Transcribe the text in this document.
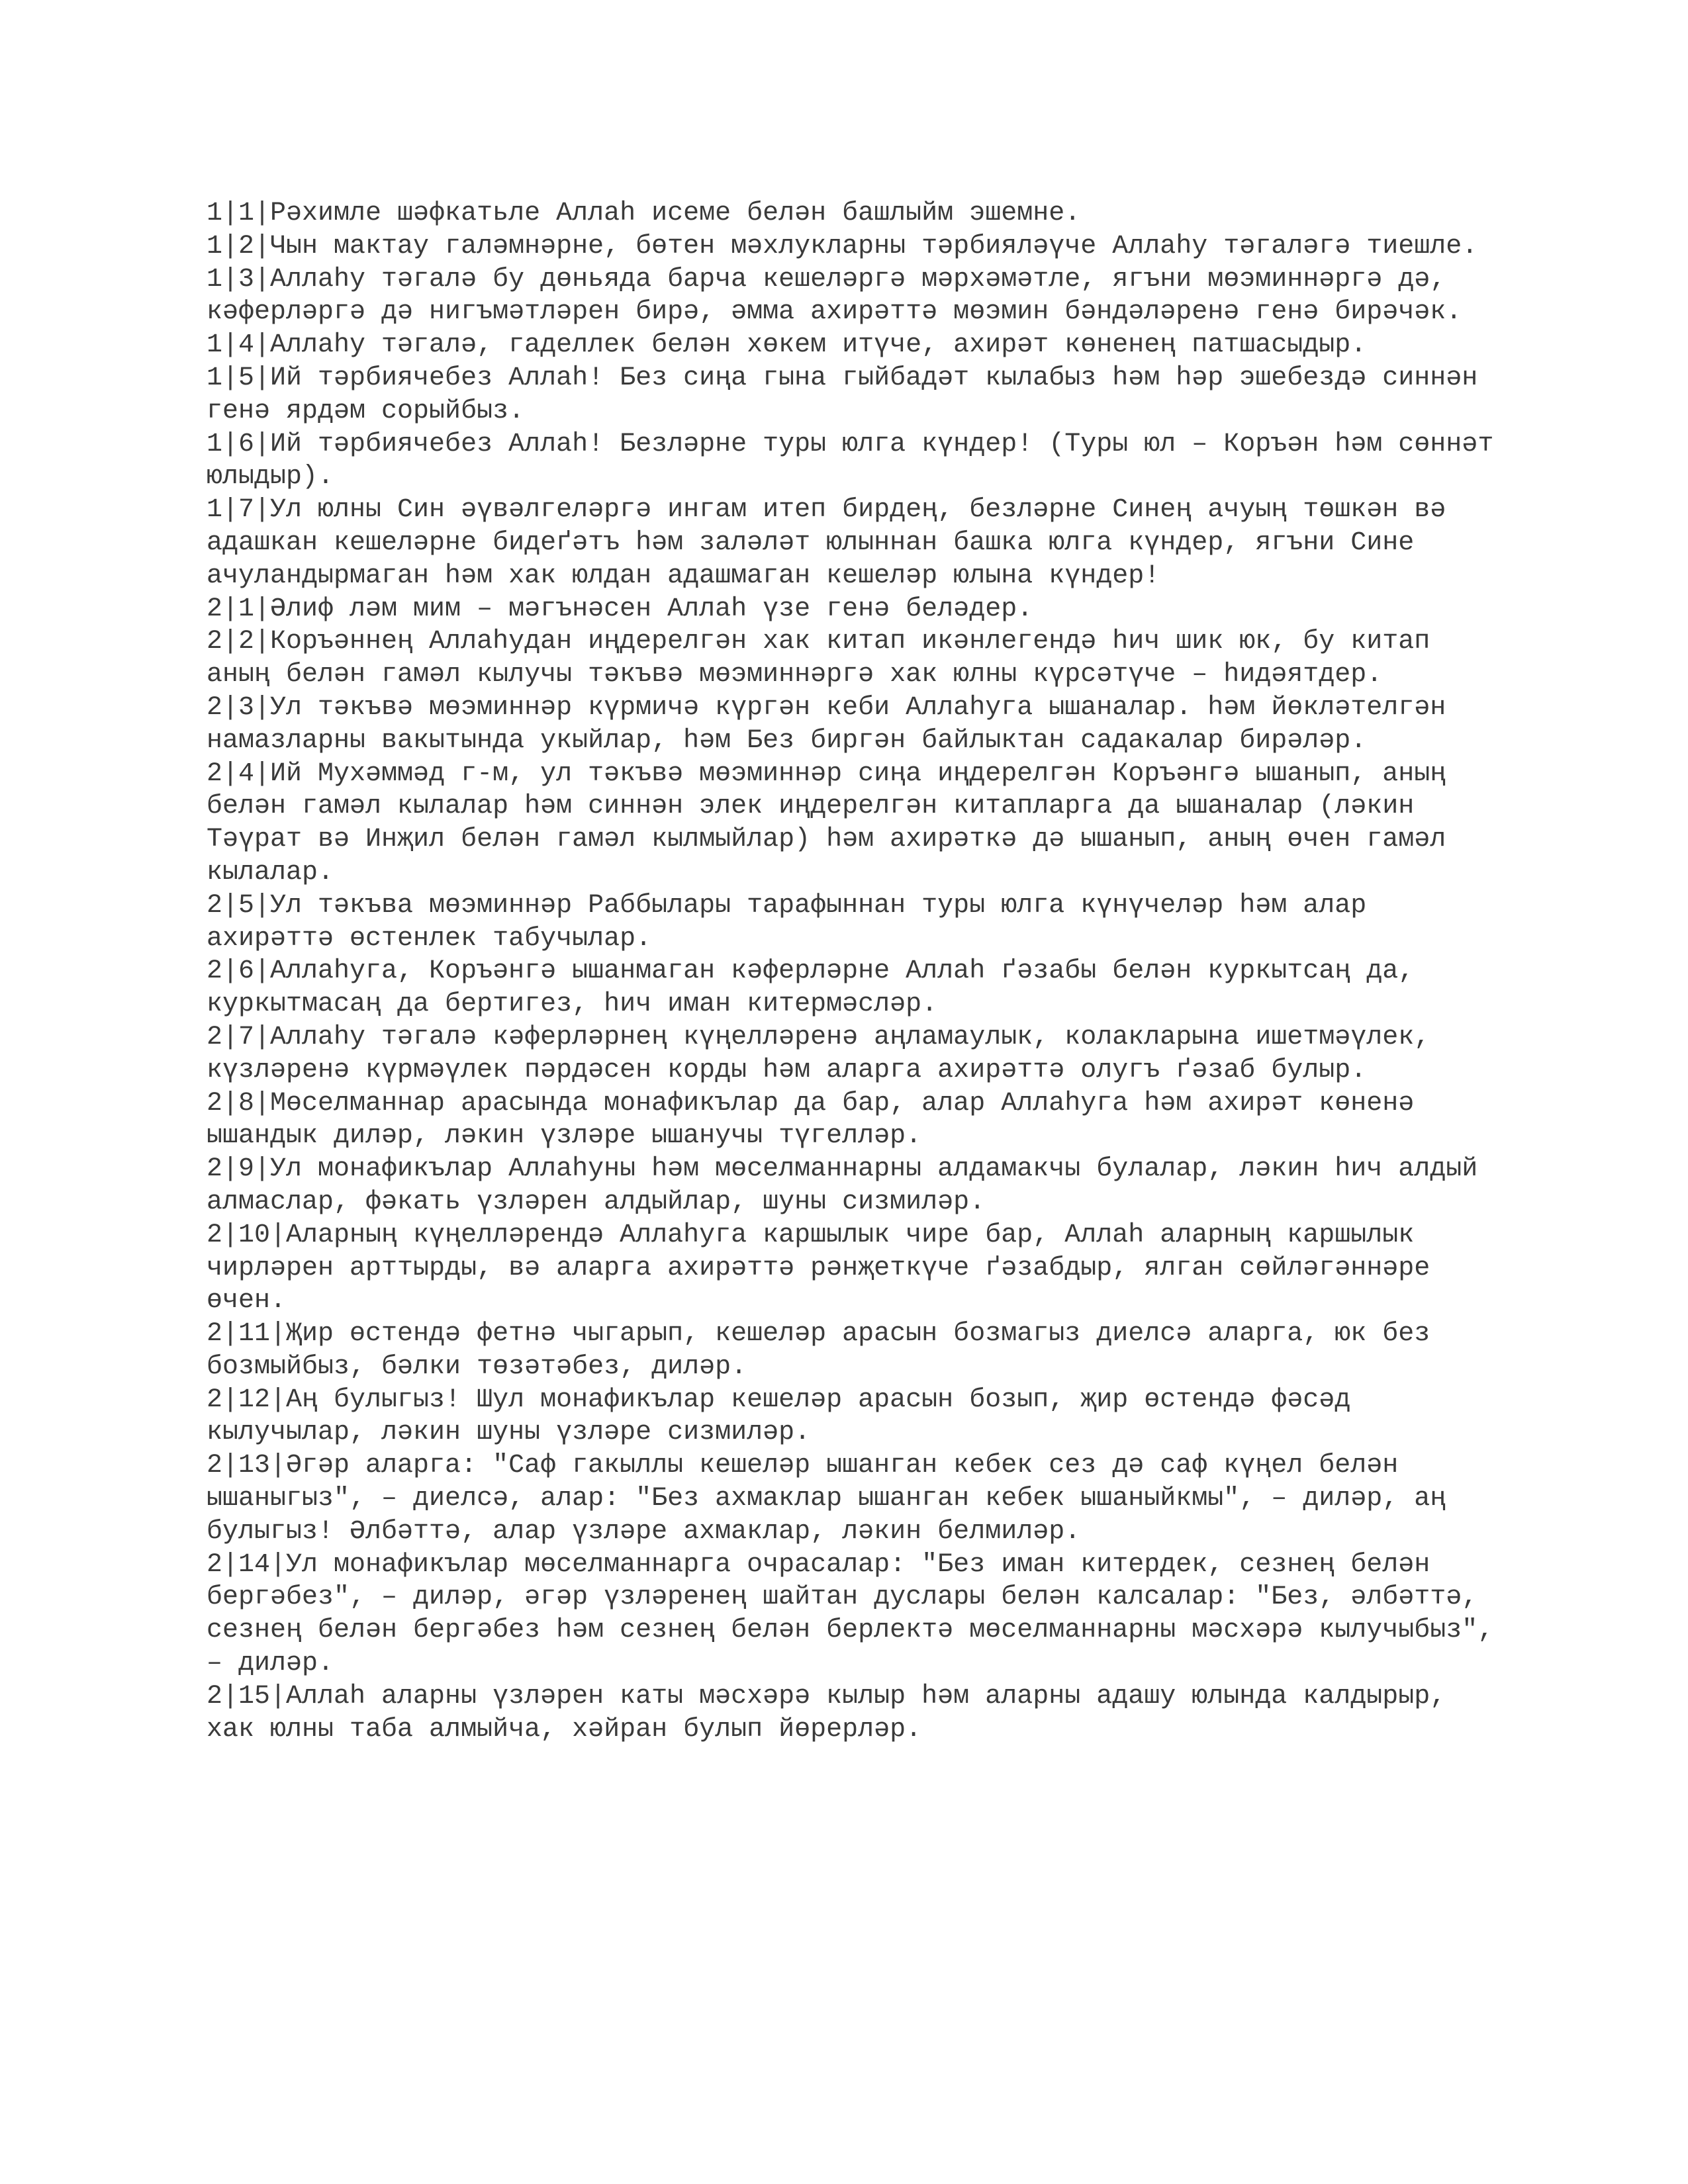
1|1|Рәхимле шәфкатьле Аллаһ исеме белән башлыйм эшемне.

1|2|Чын мактау галәмнәрне, бөтен мәхлукларны тәрбияләүче Аллаһу тәгаләгә тиешле.

1|3|Аллаһу тәгалә бу дөньяда барча кешеләргә мәрхәмәтле, ягъни мөэминнәргә дә, кәферләргә дә нигъмәтләрен бирә, әмма ахирәттә мөэмин бәндәләренә генә бирәчәк.

1|4|Аллаһу тәгалә, гаделлек белән хөкем итүче, ахирәт көненең патшасыдыр.

1|5|Ий тәрбиячебез Аллаһ! Без сиңа гына гыйбадәт кылабыз һәм һәр эшебездә синнән генә ярдәм сорыйбыз.

1|6|Ий тәрбиячебез Аллаһ! Безләрне туры юлга күндер! (Туры юл – Коръән һәм сөннәт юлыдыр).

1|7|Ул юлны Син әүвәлгеләргә ингам итеп бирдең, безләрне Синең ачуың төшкән вә адашкан кешеләрне бидеґәтъ һәм заләләт юлыннан башка юлга күндер, ягъни Сине ачуландырмаган һәм хак юлдан адашмаган кешеләр юлына күндер!

2|1|Әлиф ләм мим – мәгънәсен Аллаһ үзе генә беләдер.

2|2|Коръәннең Аллаһудан иңдерелгән хак китап икәнлегендә һич шик юк, бу китап аның белән гамәл кылучы тәкъвә мөэминнәргә хак юлны күрсәтүче – һидәятдер.

2|3|Ул тәкъвә мөэминнәр күрмичә күргән кеби Аллаһуга ышаналар. һәм йөкләтелгән намазларны вакытында укыйлар, һәм Без биргән байлыктан садакалар бирәләр.

2|4|Ий Мухәммәд г-м, ул тәкъвә мөэминнәр сиңа иңдерелгән Коръәнгә ышанып, аның белән гамәл кылалар һәм синнән элек иңдерелгән китапларга да ышаналар (ләкин Тәүрат вә Инҗил белән гамәл кылмыйлар) һәм ахирәткә дә ышанып, аның өчен гамәл кылалар.

2|5|Ул тәкъва мөэминнәр Раббылары тарафыннан туры юлга күнүчеләр һәм алар ахирәттә өстенлек табучылар.

2|6|Аллаһуга, Коръәнгә ышанмаган кәферләрне Аллаһ ґәзабы белән куркытсаң да, куркытмасаң да бертигез, һич иман китермәсләр.

2|7|Аллаһу тәгалә кәферләрнең күңелләренә аңламаулык, колакларына ишетмәүлек, күзләренә күрмәүлек пәрдәсен корды һәм аларга ахирәттә олугъ ґәзаб булыр.

2|8|Мөселманнар арасында монафикълар да бар, алар Аллаһуга һәм ахирәт көненә ышандык диләр, ләкин үзләре ышанучы түгелләр.

2|9|Ул монафикълар Аллаһуны һәм мөселманнарны алдамакчы булалар, ләкин һич алдый алмаслар, фәкать үзләрен алдыйлар, шуны сизмиләр.

2|10|Аларның күңелләрендә Аллаһуга каршылык чире бар, Аллаһ аларның каршылык чирләрен арттырды, вә аларга ахирәттә рәнҗеткүче ґәзабдыр, ялган сөйләгәннәре өчен.

2|11|Җир өстендә фетнә чыгарып, кешеләр арасын бозмагыз диелсә аларга, юк без бозмыйбыз, бәлки төзәтәбез, диләр.

2|12|Аң булыгыз! Шул монафикълар кешеләр арасын бозып, җир өстендә фәсәд кылучылар, ләкин шуны үзләре сизмиләр.

2|13|Әгәр аларга: "Саф гакыллы кешеләр ышанган кебек сез дә саф күңел белән ышаныгыз", – диелсә, алар: "Без ахмаклар ышанган кебек ышаныйкмы", – диләр, аң булыгыз! Әлбәттә, алар үзләре ахмаклар, ләкин белмиләр.

2|14|Ул монафикълар мөселманнарга очрасалар: "Без иман китердек, сезнең белән бергәбез", – диләр, әгәр үзләренең шайтан дуслары белән калсалар: "Без, әлбәттә, сезнең белән бергәбез һәм сезнең белән берлектә мөселманнарны мәсхәрә кылучыбыз", – диләр.

2|15|Аллаһ аларны үзләрен каты мәсхәрә кылыр һәм аларны адашу юлында калдырыр, хак юлны таба алмыйча, хәйран булып йөрерләр.
